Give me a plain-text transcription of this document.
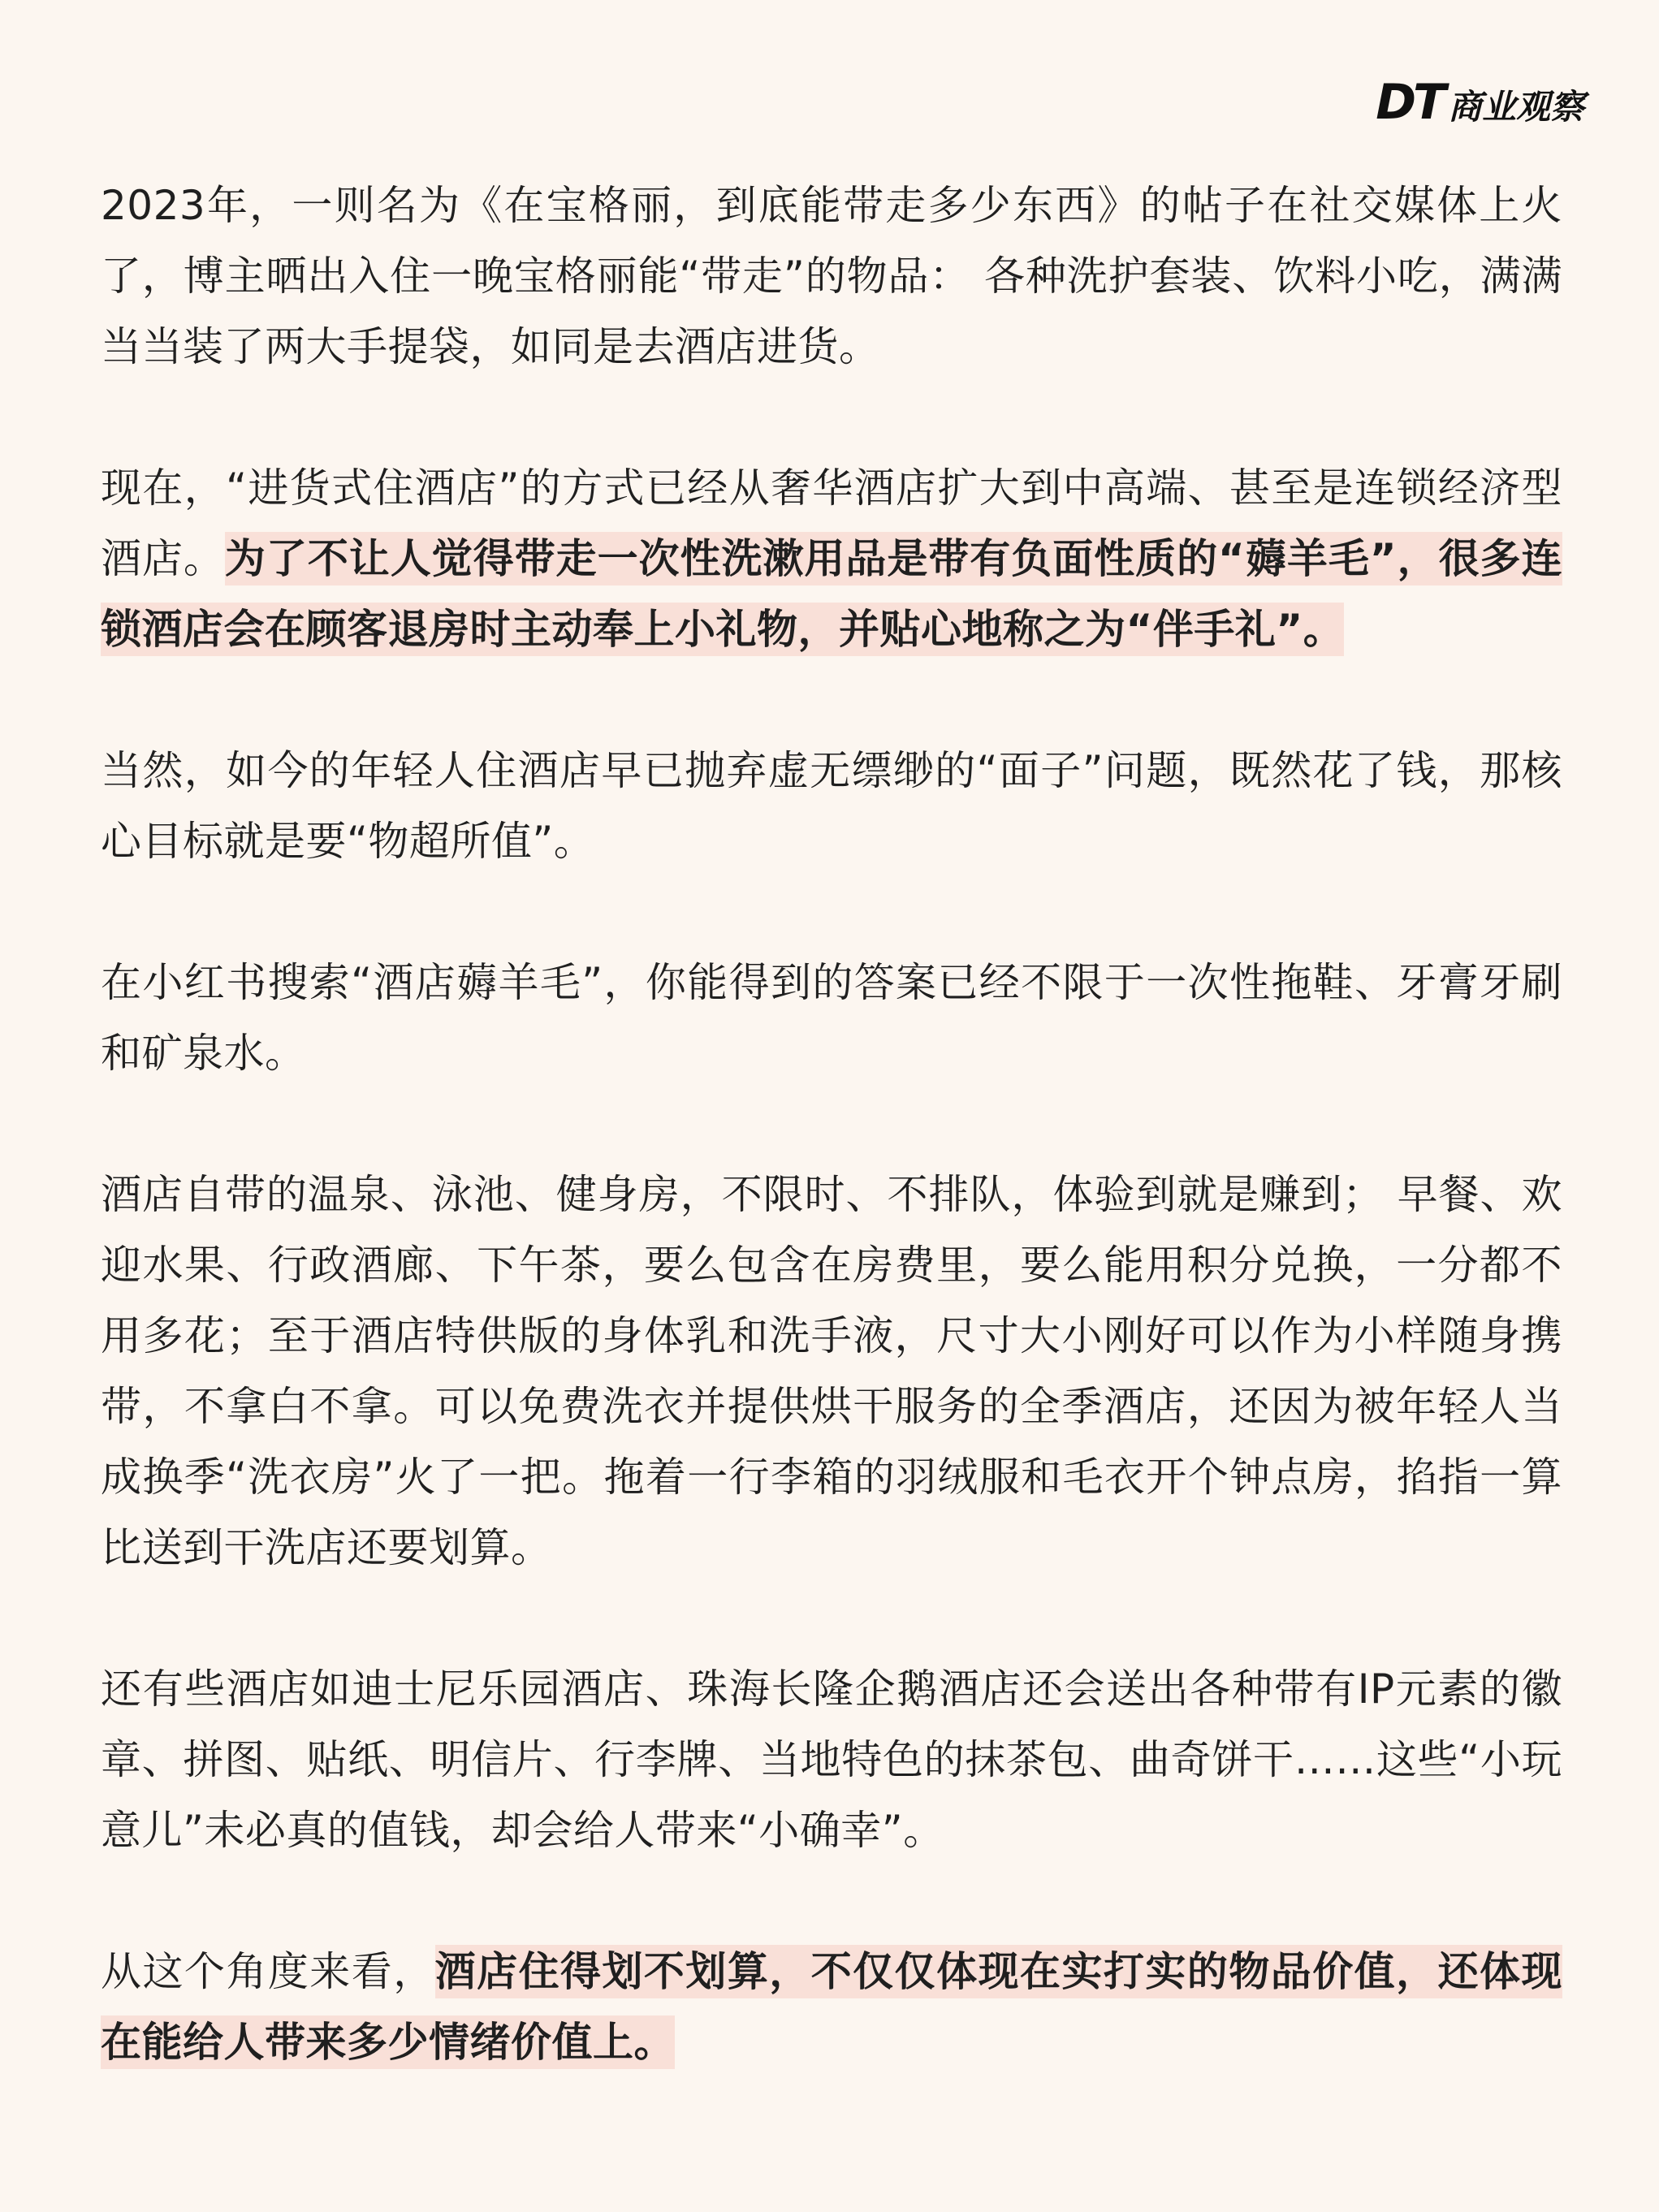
DT 商业观察

2023年，一则名为《在宝格丽，到底能带走多少东西》的帖子在社交媒体上火了，博主晒出入住一晚宝格丽能“带走”的物品： 各种洗护套装、饮料小吃，满满当当装了两大手提袋，如同是去酒店进货。

现在，“进货式住酒店”的方式已经从奢华酒店扩大到中高端、甚至是连锁经济型酒店。为了不让人觉得带走一次性洗漱用品是带有负面性质的“薅羊毛”，很多连锁酒店会在顾客退房时主动奉上小礼物，并贴心地称之为“伴手礼”。

当然，如今的年轻人住酒店早已抛弃虚无缥缈的“面子”问题，既然花了钱，那核心目标就是要“物超所值”。

在小红书搜索“酒店薅羊毛”，你能得到的答案已经不限于一次性拖鞋、牙膏牙刷和矿泉水。

酒店自带的温泉、泳池、健身房，不限时、不排队，体验到就是赚到； 早餐、欢迎水果、行政酒廊、下午茶，要么包含在房费里，要么能用积分兑换，一分都不用多花；至于酒店特供版的身体乳和洗手液，尺寸大小刚好可以作为小样随身携带，不拿白不拿。可以免费洗衣并提供烘干服务的全季酒店，还因为被年轻人当成换季“洗衣房”火了一把。拖着一行李箱的羽绒服和毛衣开个钟点房，掐指一算比送到干洗店还要划算。

还有些酒店如迪士尼乐园酒店、珠海长隆企鹅酒店还会送出各种带有IP元素的徽章、拼图、贴纸、明信片、行李牌、当地特色的抹茶包、曲奇饼干……这些“小玩意儿”未必真的值钱，却会给人带来“小确幸”。

从这个角度来看，酒店住得划不划算，不仅仅体现在实打实的物品价值，还体现在能给人带来多少情绪价值上。
